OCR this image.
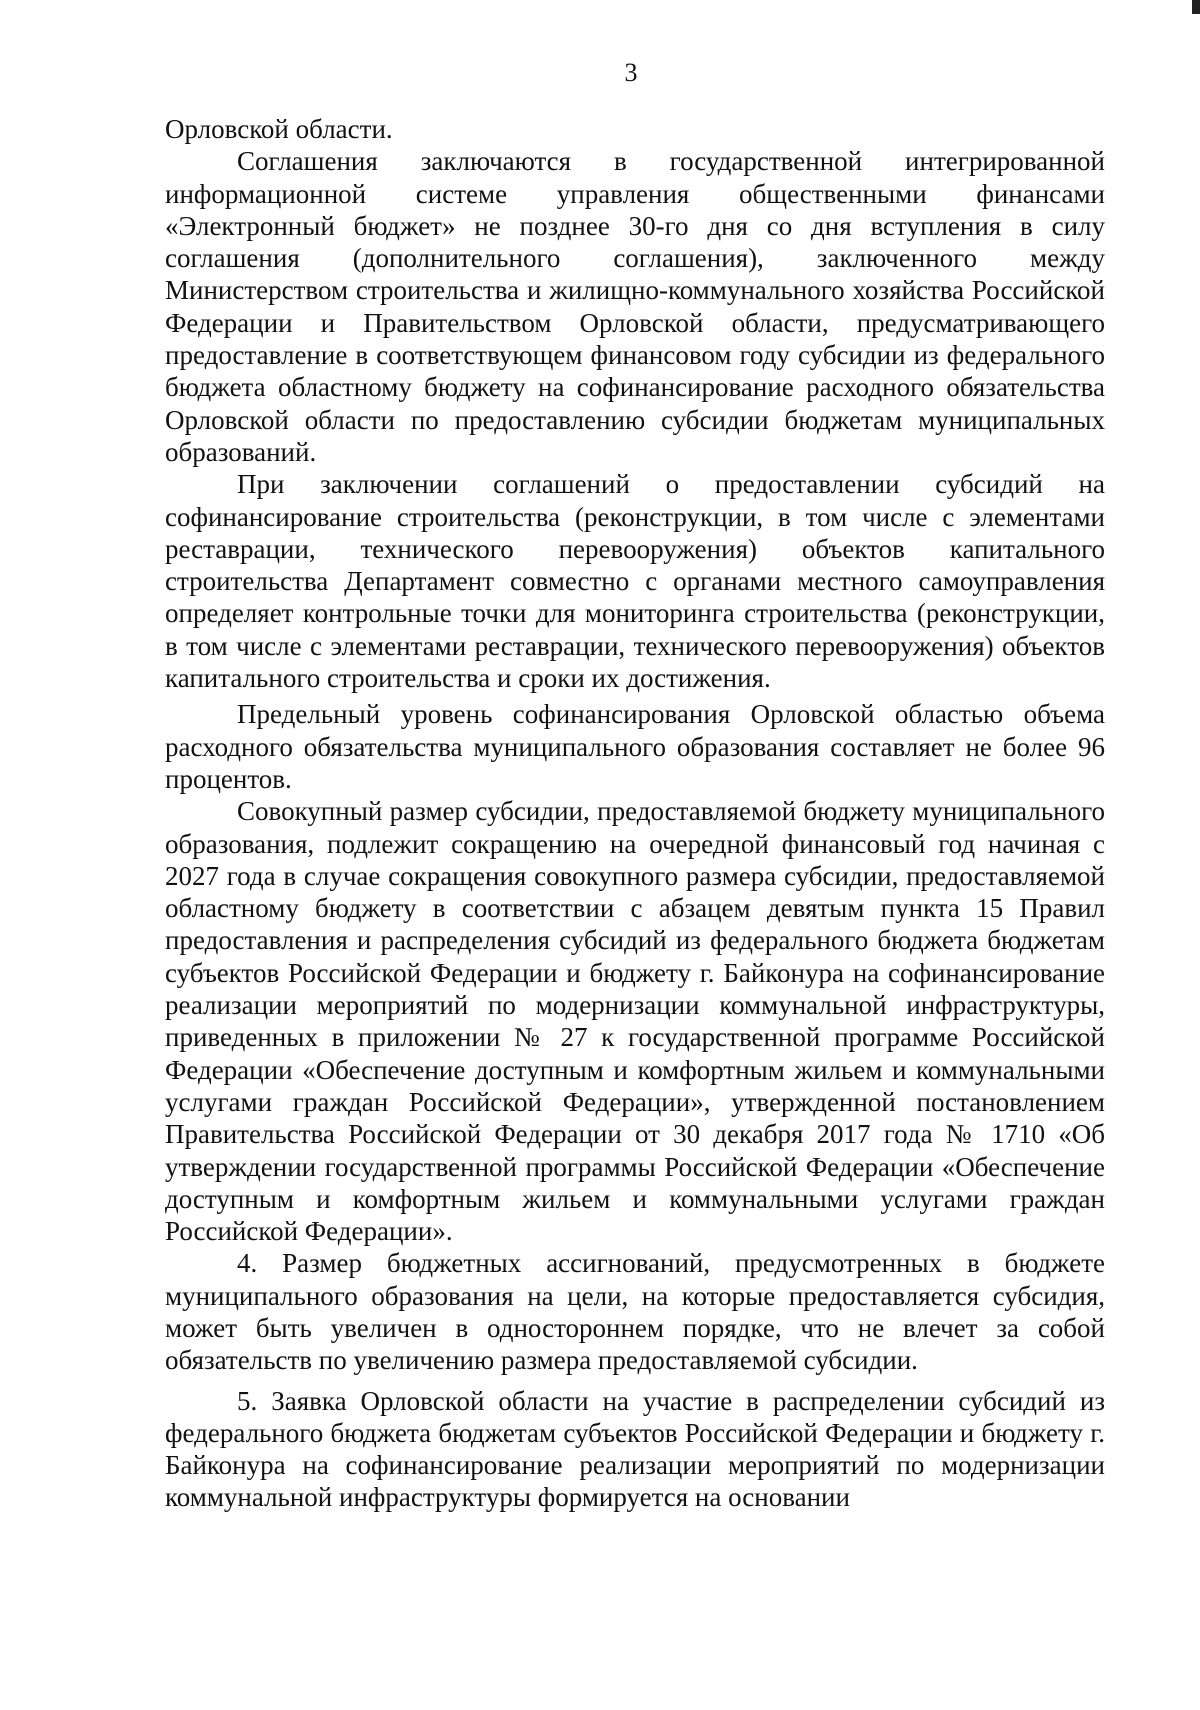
3

Орловской области.

Соглашения заключаются в государственной интегрированной информационной системе управления общественными финансами «Электронный бюджет» не позднее 30-го дня со дня вступления в силу соглашения (дополнительного соглашения), заключенного между Министерством строительства и жилищно-коммунального хозяйства Российской Федерации и Правительством Орловской области, предусматривающего предоставление в соответствующем финансовом году субсидии из федерального бюджета областному бюджету на софинансирование расходного обязательства Орловской области по предоставлению субсидии бюджетам муниципальных образований.

При заключении соглашений о предоставлении субсидий на софинансирование строительства (реконструкции, в том числе с элементами реставрации, технического перевооружения) объектов капитального строительства Департамент совместно с органами местного самоуправления определяет контрольные точки для мониторинга строительства (реконструкции, в том числе с элементами реставрации, технического перевооружения) объектов капитального строительства и сроки их достижения.

Предельный уровень софинансирования Орловской областью объема расходного обязательства муниципального образования составляет не более 96 процентов.

Совокупный размер субсидии, предоставляемой бюджету муниципального образования, подлежит сокращению на очередной финансовый год начиная с 2027 года в случае сокращения совокупного размера субсидии, предоставляемой областному бюджету в соответствии с абзацем девятым пункта 15 Правил предоставления и распределения субсидий из федерального бюджета бюджетам субъектов Российской Федерации и бюджету г. Байконура на софинансирование реализации мероприятий по модернизации коммунальной инфраструктуры, приведенных в приложении № 27 к государственной программе Российской Федерации «Обеспечение доступным и комфортным жильем и коммунальными услугами граждан Российской Федерации», утвержденной постановлением Правительства Российской Федерации от 30 декабря 2017 года № 1710 «Об утверждении государственной программы Российской Федерации «Обеспечение доступным и комфортным жильем и коммунальными услугами граждан Российской Федерации».

4. Размер бюджетных ассигнований, предусмотренных в бюджете муниципального образования на цели, на которые предоставляется субсидия, может быть увеличен в одностороннем порядке, что не влечет за собой обязательств по увеличению размера предоставляемой субсидии.

5. Заявка Орловской области на участие в распределении субсидий из федерального бюджета бюджетам субъектов Российской Федерации и бюджету г. Байконура на софинансирование реализации мероприятий по модернизации коммунальной инфраструктуры формируется на основании
